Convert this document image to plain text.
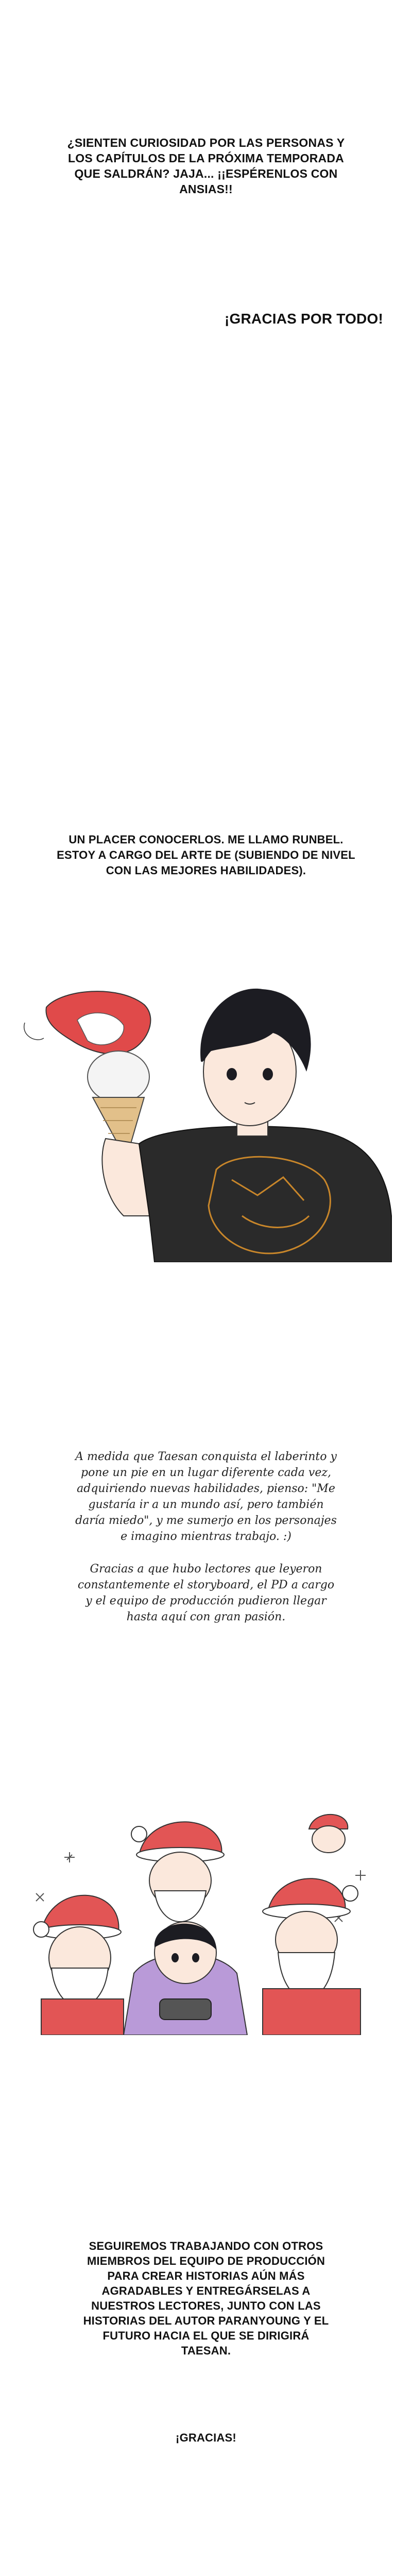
¿SIENTEN CURIOSIDAD POR LAS PERSONAS Y
LOS CAPÍTULOS DE LA PRÓXIMA TEMPORADA
QUE SALDRÁN? JAJA... ¡¡ESPÉRENLOS CON
ANSIAS!!
¡GRACIAS POR TODO!
UN PLACER CONOCERLOS. ME LLAMO RUNBEL.
ESTOY A CARGO DEL ARTE DE (SUBIENDO DE NIVEL
CON LAS MEJORES HABILIDADES).
A medida que Taesan conquista el laberinto y
pone un pie en un lugar diferente cada vez,
adquiriendo nuevas habilidades, pienso: "Me
gustaría ir a un mundo así, pero también
daría miedo", y me sumerjo en los personajes
e imagino mientras trabajo. :)
Gracias a que hubo lectores que leyeron
constantemente el storyboard, el PD a cargo
y el equipo de producción pudieron llegar
hasta aquí con gran pasión.
SEGUIREMOS TRABAJANDO CON OTROS
MIEMBROS DEL EQUIPO DE PRODUCCIÓN
PARA CREAR HISTORIAS AÚN MÁS
AGRADABLES Y ENTREGÁRSELAS A
NUESTROS LECTORES, JUNTO CON LAS
HISTORIAS DEL AUTOR PARANYOUNG Y EL
FUTURO HACIA EL QUE SE DIRIGIRÁ
TAESAN.
¡GRACIAS!
